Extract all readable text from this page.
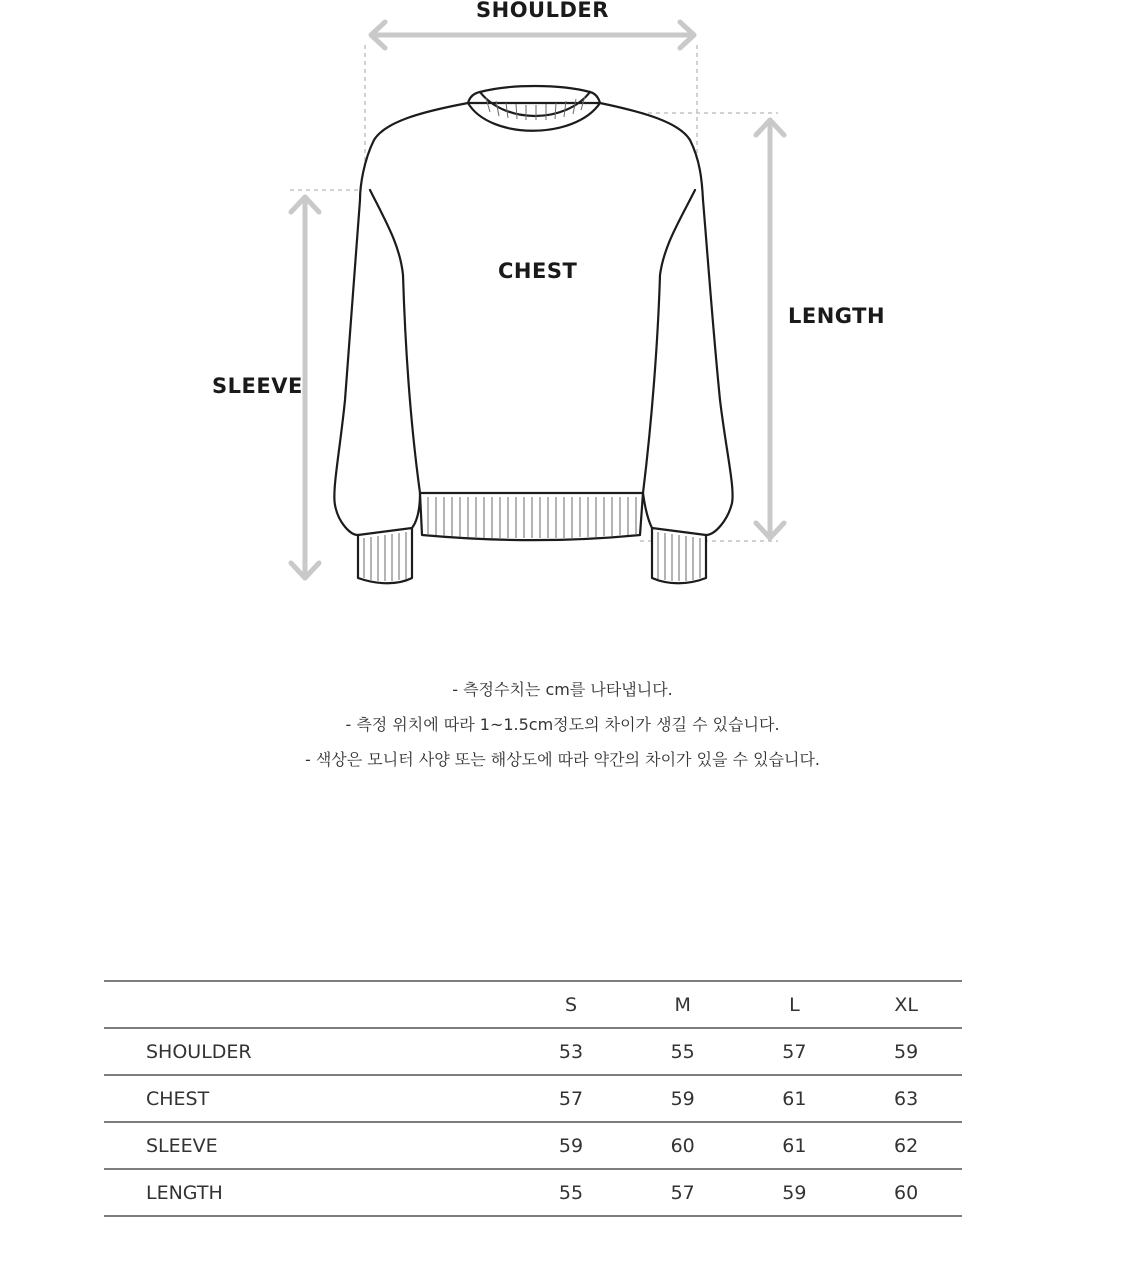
SHOULDER
CHEST
LENGTH
SLEEVE
- 측정수치는 cm를 나타냅니다.
- 측정 위치에 따라 1~1.5cm정도의 차이가 생길 수 있습니다.
- 색상은 모니터 사양 또는 해상도에 따라 약간의 차이가 있을 수 있습니다.
	S	M	L	XL
SHOULDER	53	55	57	59
CHEST	57	59	61	63
SLEEVE	59	60	61	62
LENGTH	55	57	59	60
